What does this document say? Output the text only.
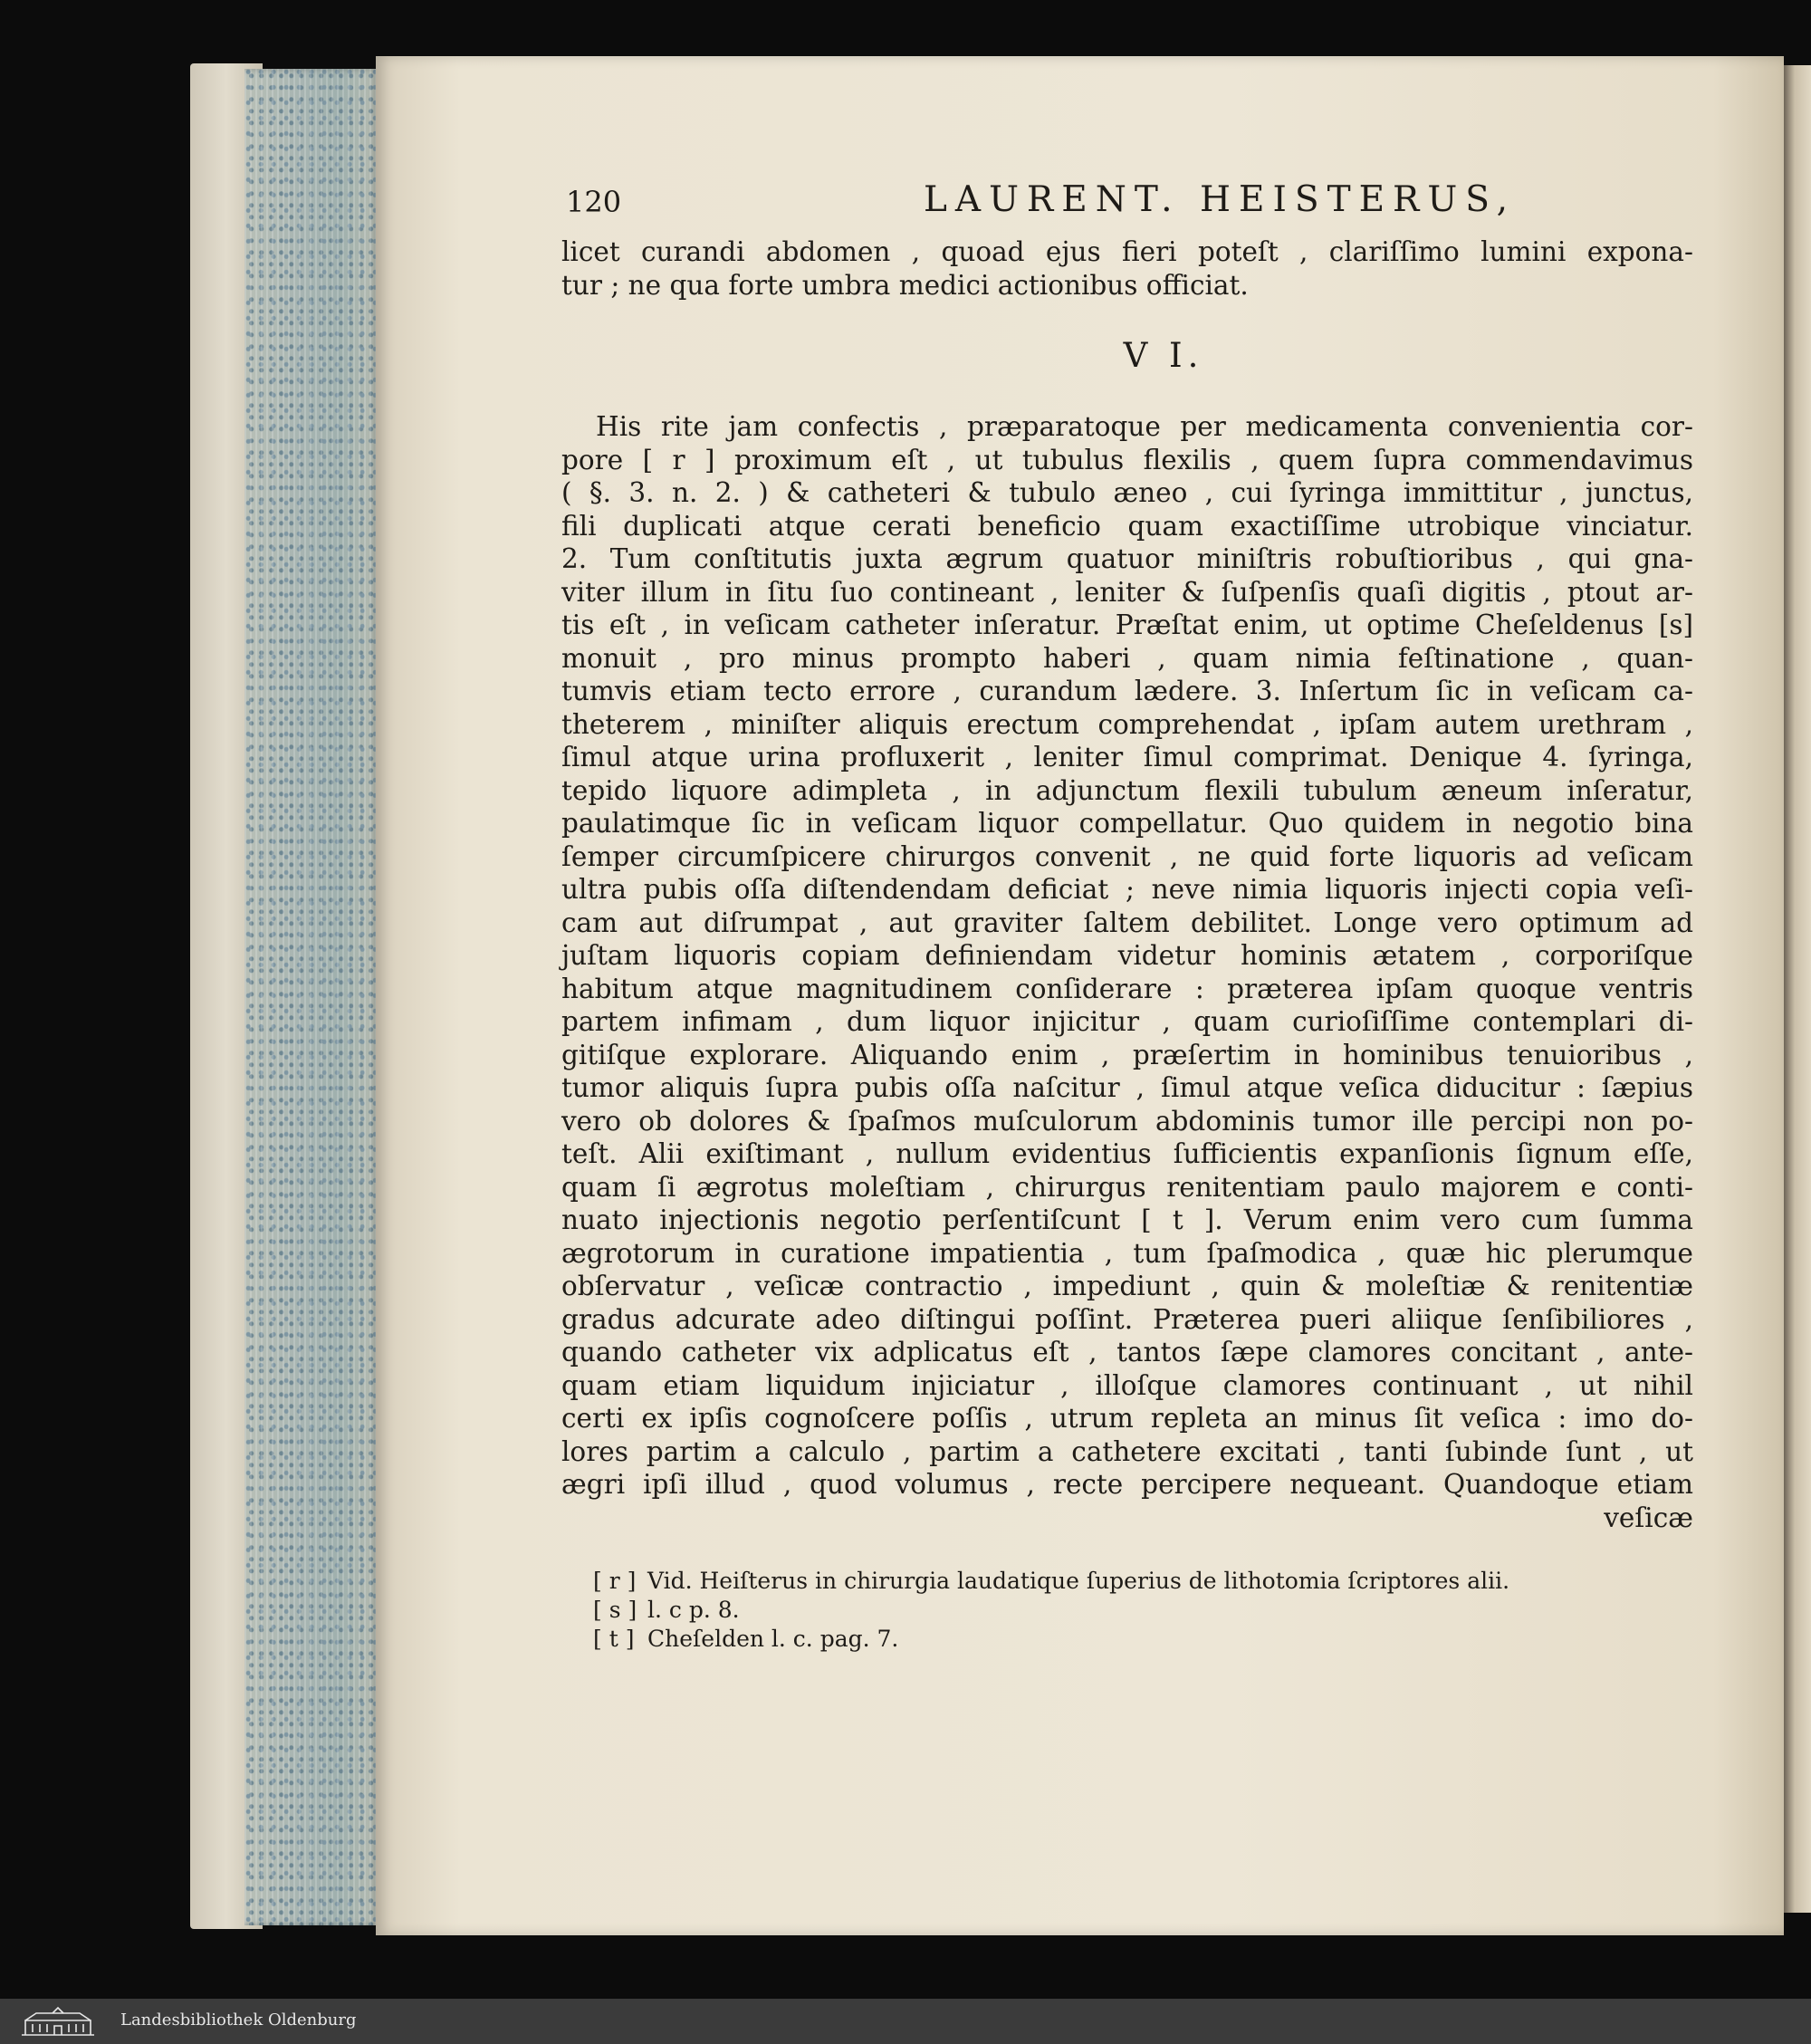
120	LAURENT. HEISTERUS,
licet curandi abdomen , quoad ejus fieri poteſt , clariſſimo lumini expona-
tur ; ne qua forte umbra medici actionibus officiat.
V I.
His rite jam confectis , præparatoque per medicamenta convenientia cor-
pore [ r ] proximum eſt , ut tubulus flexilis , quem ſupra commendavimus
( §. 3. n. 2. ) & catheteri & tubulo æneo , cui ſyringa immittitur , junctus,
fili duplicati atque cerati beneficio quam exactiſſime utrobique vinciatur.
2. Tum conſtitutis juxta ægrum quatuor miniſtris robuſtioribus , qui gna-
viter illum in ſitu ſuo contineant , leniter & ſuſpenſis quaſi digitis , ptout ar-
tis eſt , in veſicam catheter inſeratur. Præſtat enim, ut optime Cheſeldenus [s]
monuit , pro minus prompto haberi , quam nimia feſtinatione , quan-
tumvis etiam tecto errore , curandum lædere. 3. Inſertum ſic in veſicam ca-
theterem , miniſter aliquis erectum comprehendat , ipſam autem urethram ,
ſimul atque urina profluxerit , leniter ſimul comprimat. Denique 4. ſyringa,
tepido liquore adimpleta , in adjunctum flexili tubulum æneum inſeratur,
paulatimque ſic in veſicam liquor compellatur. Quo quidem in negotio bina
ſemper circumſpicere chirurgos convenit , ne quid forte liquoris ad veſicam
ultra pubis oſſa diſtendendam deficiat ; neve nimia liquoris injecti copia veſi-
cam aut diſrumpat , aut graviter ſaltem debilitet. Longe vero optimum ad
juſtam liquoris copiam definiendam videtur hominis ætatem , corporiſque
habitum atque magnitudinem conſiderare : præterea ipſam quoque ventris
partem infimam , dum liquor injicitur , quam curioſiſſime contemplari di-
gitiſque explorare. Aliquando enim , præſertim in hominibus tenuioribus ,
tumor aliquis ſupra pubis oſſa naſcitur , ſimul atque veſica diducitur : ſæpius
vero ob dolores & ſpaſmos muſculorum abdominis tumor ille percipi non po-
teſt. Alii exiſtimant , nullum evidentius ſufficientis expanſionis ſignum eſſe,
quam ſi ægrotus moleſtiam , chirurgus renitentiam paulo majorem e conti-
nuato injectionis negotio perſentiſcunt [ t ]. Verum enim vero cum ſumma
ægrotorum in curatione impatientia , tum ſpaſmodica , quæ hic plerumque
obſervatur , veſicæ contractio , impediunt , quin & moleſtiæ & renitentiæ
gradus adcurate adeo diſtingui poſſint. Præterea pueri aliique ſenſibiliores ,
quando catheter vix adplicatus eſt , tantos ſæpe clamores concitant , ante-
quam etiam liquidum injiciatur , illoſque clamores continuant , ut nihil
certi ex ipſis cognoſcere poſſis , utrum repleta an minus ſit veſica : imo do-
lores partim a calculo , partim a cathetere excitati , tanti ſubinde ſunt , ut
ægri ipſi illud , quod volumus , recte percipere nequeant. Quandoque etiam
veſicæ
[ r ] Vid. Heiſterus in chirurgia laudatique ſuperius de lithotomia ſcriptores alii.
[ s ] l. c p. 8.
[ t ] Cheſelden l. c. pag. 7.
Landesbibliothek Oldenburg
